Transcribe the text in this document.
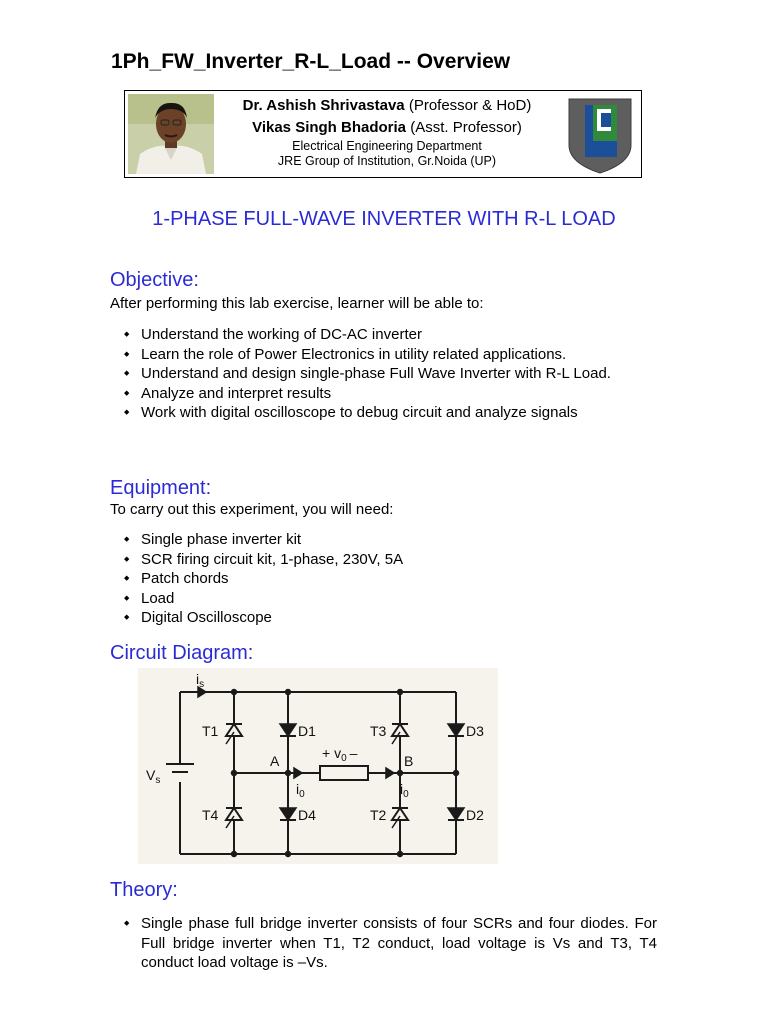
1Ph_FW_Inverter_R-L_Load -- Overview
Dr. Ashish Shrivastava (Professor & HoD)
Vikas Singh Bhadoria (Asst. Professor)
Electrical Engineering Department
JRE Group of Institution, Gr.Noida (UP)
1-PHASE FULL-WAVE INVERTER WITH R-L LOAD
Objective:

After performing this lab exercise, learner will be able to:

◆ Understand the working of DC-AC inverter
◆ Learn the role of Power Electronics in utility related applications.
◆ Understand and design single-phase Full Wave Inverter with R-L Load.
◆ Analyze and interpret results
◆ Work with digital oscilloscope to debug circuit and analyze signals
Equipment:

To carry out this experiment, you will need:

◆ Single phase inverter kit
◆ SCR firing circuit kit, 1-phase, 230V, 5A
◆ Patch chords
◆ Load
◆ Digital Oscilloscope
Circuit Diagram:
$i_s$
$V_s$
T1	D1	T3	D3
T4	D4	T2	D2
A	B
+ $v_0$ –
$i_0$	$i_0$
Theory:
◆ Single phase full bridge inverter consists of four SCRs and four diodes. For Full bridge inverter when T1, T2 conduct, load voltage is Vs and T3, T4 conduct load voltage is –Vs.
